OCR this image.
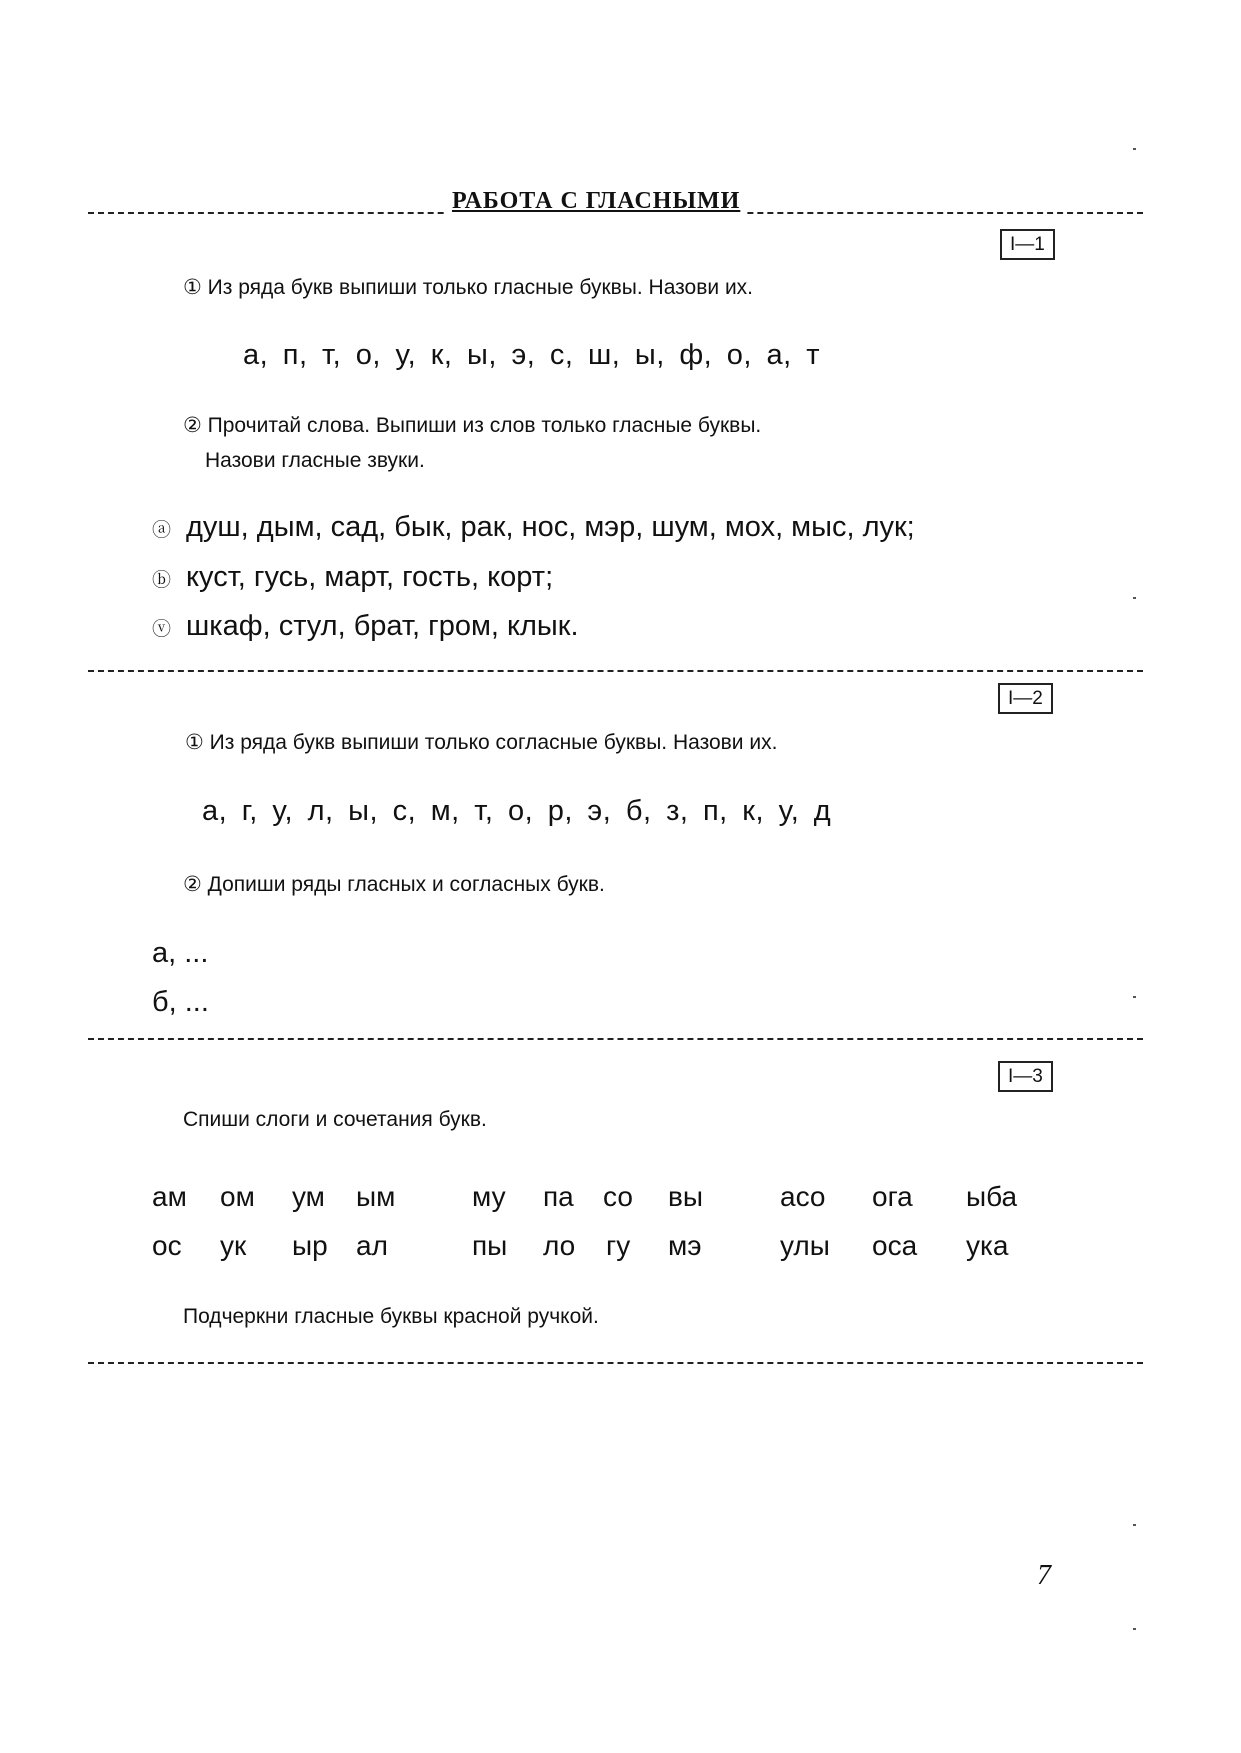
РАБОТА С ГЛАСНЫМИ
I—1
① Из ряда букв выпиши только гласные буквы. Назови их.
а, п, т, о, у, к, ы, э, с, ш, ы, ф, о, а, т
② Прочитай слова. Выпиши из слов только гласные буквы.
Назови гласные звуки.
ⓐ душ, дым, сад, бык, рак, нос, мэр, шум, мох, мыс, лук;
ⓑ куст, гусь, март, гость, корт;
ⓥ шкаф, стул, брат, гром, клык.
I—2
① Из ряда букв выпиши только согласные буквы. Назови их.
а, г, у, л, ы, с, м, т, о, р, э, б, з, п, к, у, д
② Допиши ряды гласных и согласных букв.
а, ...
б, ...
I—3
Спиши слоги и сочетания букв.
ам ом ум ым	му па со вы	асо ога ыба
ос ук ыр ал	пы ло гу мэ	улы оса ука
Подчеркни гласные буквы красной ручкой.
7
